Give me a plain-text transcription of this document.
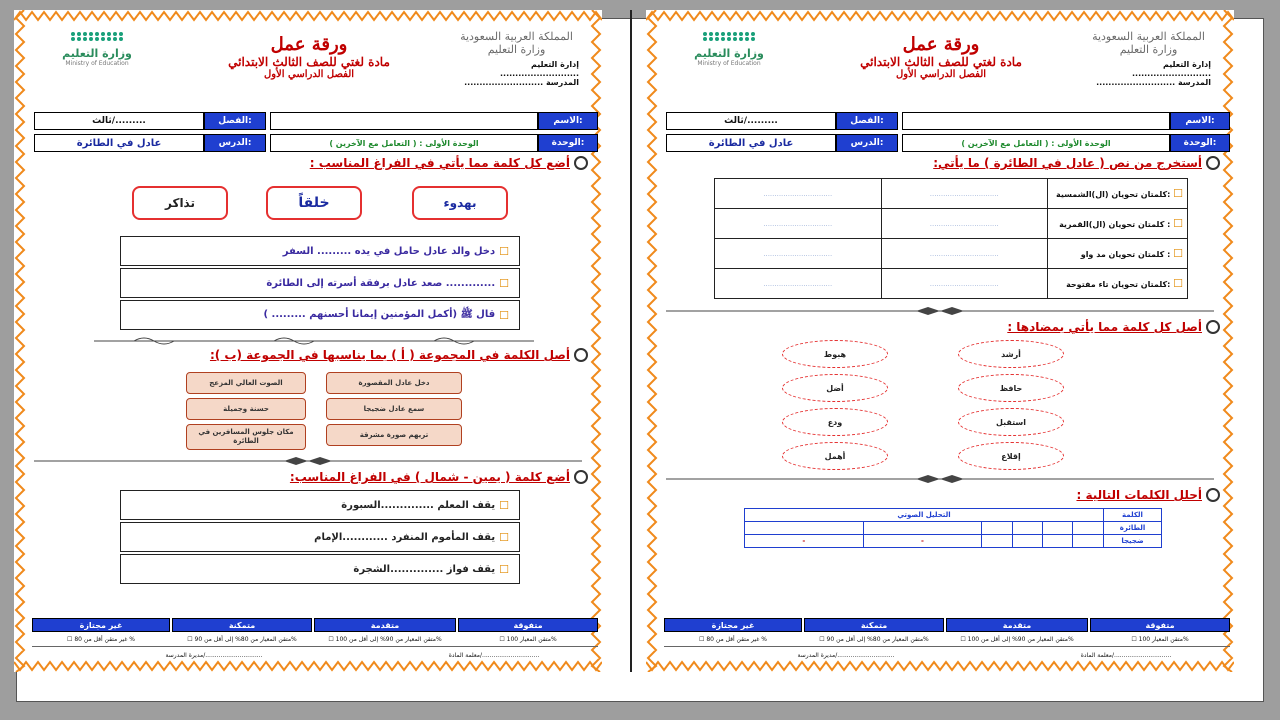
وزارة التعليم
Ministry of Education
ورقة عمل
مادة لغتي للصف الثالث الابتدائي
الفصل الدراسي الأول
المملكة العربية السعودية
وزارة التعليم
إدارة التعليم ..........................
المدرسة ..........................
الاسم:
الفصل:
ثالث/.........
الوحدة:
الوحدة الأولى : ( التعامل مع الآخرين )
الدرس:
عادل في الطائرة
أضع كل كلمة مما يأتي في الفراغ المناسب :
بهدوء
خلقاً
تذاكر
دخل والد عادل حامل في يده ......... السفر ☐
صعد عادل برفقة أسرته إلى الطائرة ............. ☐
قال ﷺ (أكمل المؤمنين إيمانا أحسنهم ......... ) ☐
أصل الكلمة في المجموعة ( أ ) بما يناسبها في الجموعة (ب ):
دخل عادل المقصورة
سمع عادل ضجيجا
تريهم صورة مشرقة
الصوت العالي المزعج
حسنة وجميلة
مكان جلوس المسافرين في الطائرة
أضع كلمة ( يمين - شمال ) في الفراغ المناسب:
يقف المعلم ..............السبورة ☐
يقف المأموم المنفرد ............الإمام ☐
يقف فواز ..............الشجرة ☐
متفوقة
متقدمة
متمكنة
غير مجتازة
☐ متقن المعيار 100%
☐ متقن المعيار من 90% إلى أقل من 100%
☐ متقن المعيار من 80% إلى أقل من 90%
☐ غير متقن أقل من 80 %
معلمة المادة/..............................
مديرة المدرسة/..............................
وزارة التعليم
Ministry of Education
ورقة عمل
مادة لغتي للصف الثالث الابتدائي
الفصل الدراسي الأول
المملكة العربية السعودية
وزارة التعليم
إدارة التعليم ..........................
المدرسة ..........................
الاسم:
الفصل:
ثالث/.........
الوحدة:
الوحدة الأولى : ( التعامل مع الآخرين )
الدرس:
عادل في الطائرة
أستخرج من نص ( عادل في الطائرة ) ما يأتي:
...............................	...............................	كلمتان تحويان (ال)الشمسية: ☐
...............................	...............................	كلمتان تحويان (ال)القمرية : ☐
...............................	...............................	كلمتان تحويان مد واو : ☐
...............................	...............................	كلمتان تحويان تاء مفتوحة: ☐
أصل كل كلمة مما يأتي بمضادها :
أرشد
حافظ
استقبل
إقلاع
هبوط
أضل
ودع
أهمل
أحلل الكلمات التالية :
التحليل الصوتي						الكلمة
						الطائرة
-	-					ضجيجا
متفوقة
متقدمة
متمكنة
غير مجتازة
☐ متقن المعيار 100%
☐ متقن المعيار من 90% إلى أقل من 100%
☐ متقن المعيار من 80% إلى أقل من 90%
☐ غير متقن أقل من 80 %
معلمة المادة/..............................
مديرة المدرسة/..............................
